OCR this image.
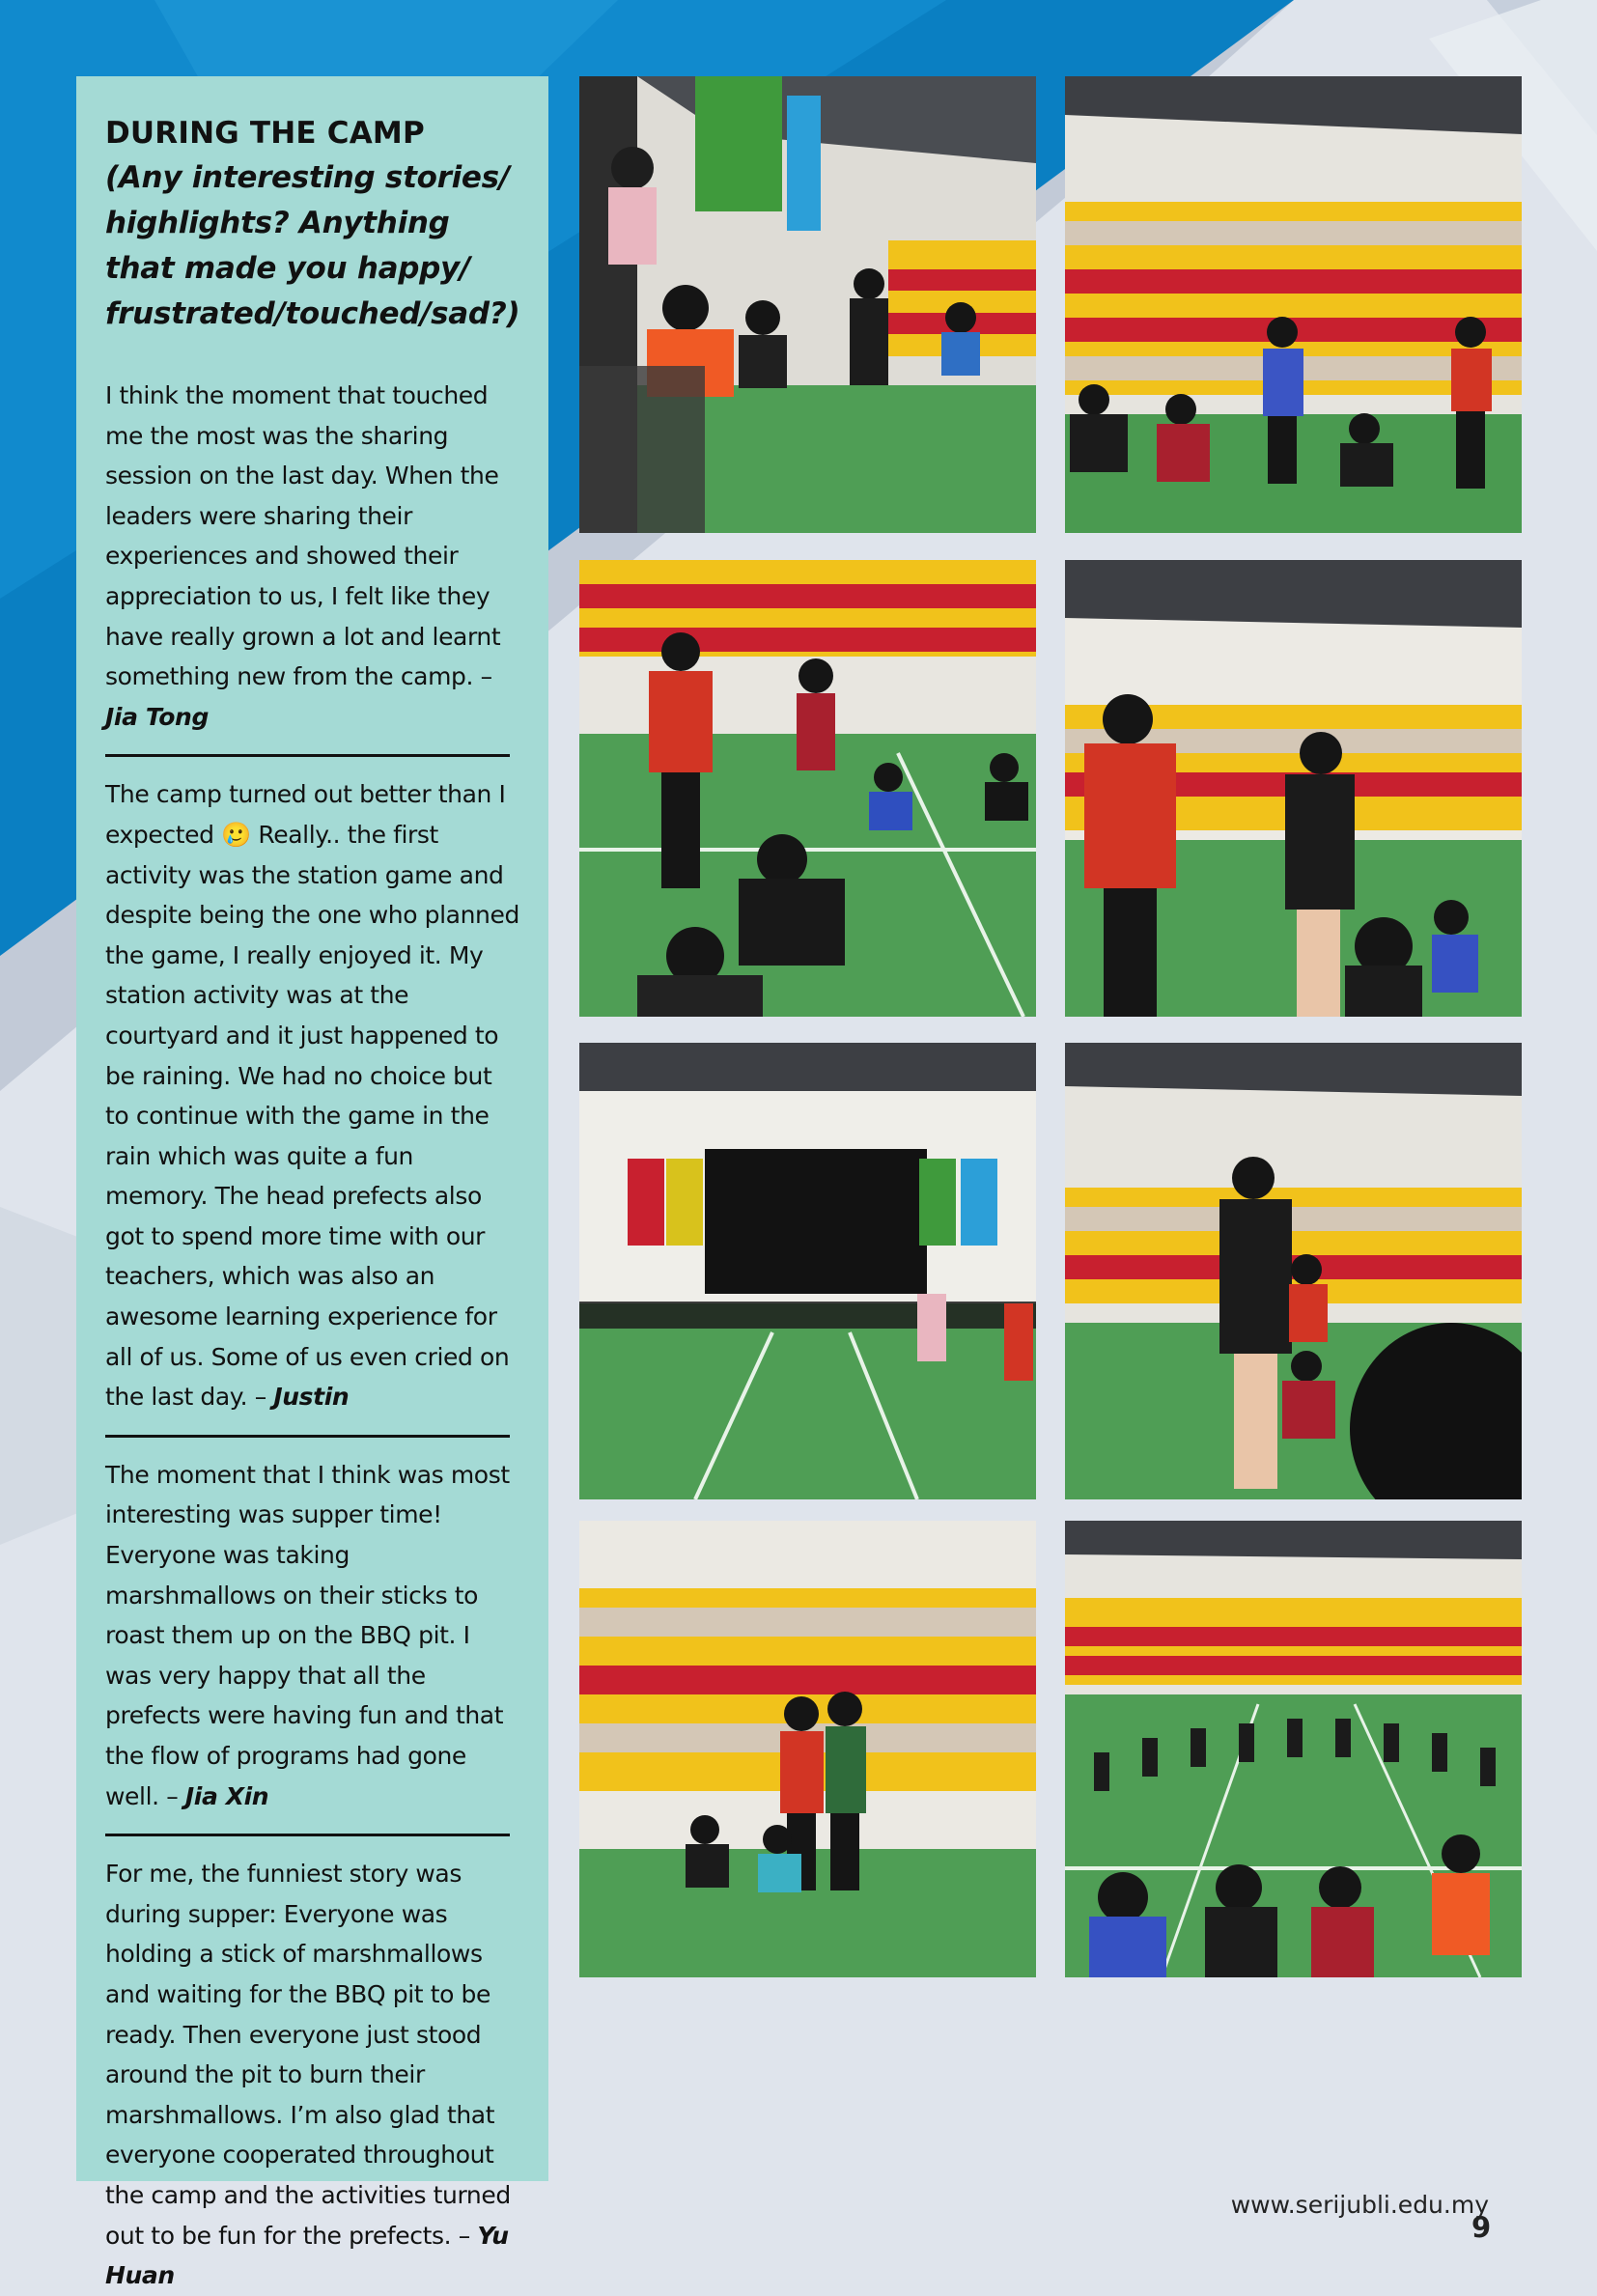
DURING THE CAMP
(Any interesting stories/ highlights? Anything that made you happy/ frustrated/touched/sad?)

I think the moment that touched me the most was the sharing session on the last day. When the leaders were sharing their experiences and showed their appreciation to us, I felt like they have really grown a lot and learnt something new from the camp. – Jia Tong

The camp turned out better than I expected 🥲 Really.. the first activity was the station game and despite being the one who planned the game, I really enjoyed it. My station activity was at the courtyard and it just happened to be raining. We had no choice but to continue with the game in the rain which was quite a fun memory. The head prefects also got to spend more time with our teachers, which was also an awesome learning experience for all of us. Some of us even cried on the last day. – Justin

The moment that I think was most interesting was supper time! Everyone was taking marshmallows on their sticks to roast them up on the BBQ pit. I was very happy that all the prefects were having fun and that the flow of programs had gone well. – Jia Xin

For me, the funniest story was during supper: Everyone was holding a stick of marshmallows and waiting for the BBQ pit to be ready. Then everyone just stood around the pit to burn their marshmallows. I’m also glad that everyone cooperated throughout the camp and the activities turned out to be fun for the prefects. – Yu Huan

www.serijubli.edu.my
9
